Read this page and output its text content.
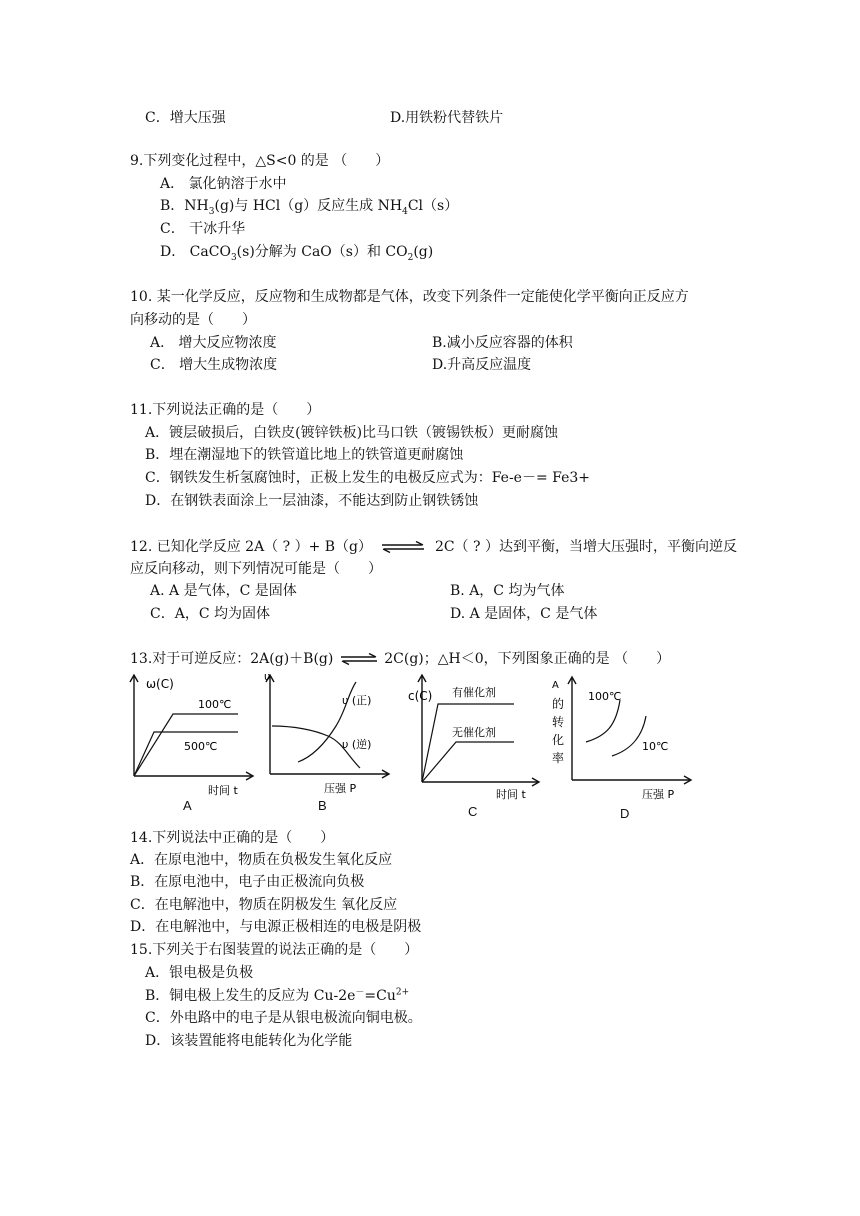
C．增大压强	D.用铁粉代替铁片
9.下列变化过程中，△S<0 的是 （　　）
A． 氯化钠溶于水中
B．$NH_3(g)$与 HCl（g）反应生成 $NH_4Cl(s)$
C． 干冰升华
D． CaCO$_3$(s)分解为 CaO（s）和 $CO_2(g)$
10. 某一化学反应，反应物和生成物都是气体，改变下列条件一定能使化学平衡向正反应方
向移动的是（　　）
A． 增大反应物浓度	B.减小反应容器的体积
C． 增大生成物浓度	D.升高反应温度
11.下列说法正确的是（　　）
A．镀层破损后，白铁皮(镀锌铁板)比马口铁（镀锡铁板）更耐腐蚀
B．埋在潮湿地下的铁管道比地上的铁管道更耐腐蚀
C．钢铁发生析氢腐蚀时，正极上发生的电极反应式为：Fe-e－= Fe3+
D．在钢铁表面涂上一层油漆，不能达到防止钢铁锈蚀
12. 已知化学反应 2A（ ? ）+ B（g） ⇌ 2C（ ? ）达到平衡，当增大压强时，平衡向逆反
应反向移动，则下列情况可能是（　　）
A. A 是气体，C 是固体	B. A，C 均为气体
C．A，C 均为固体	D. A 是固体，C 是气体
13.对于可逆反应：2A(g)＋B(g) ⇌ 2C(g)；△H＜0，下列图象正确的是 （　　）
ω(C)
100℃
500℃
时间 t
A
υ
υ (正)
υ (逆)
压强 P
B
c(C) 有催化剂
无催化剂
时间 t
C
A
的
转
化
率
100℃
10℃
压强 P
D
14.下列说法中正确的是（　　）
A．在原电池中，物质在负极发生氧化反应
B．在原电池中，电子由正极流向负极
C．在电解池中，物质在阴极发生 氧化反应
D．在电解池中，与电源正极相连的电极是阴极
15.下列关于右图装置的说法正确的是（　　）
A．银电极是负极
B．铜电极上发生的反应为 $Cu-2e^-=Cu^{2+}$
C．外电路中的电子是从银电极流向铜电极。
D．该装置能将电能转化为化学能
